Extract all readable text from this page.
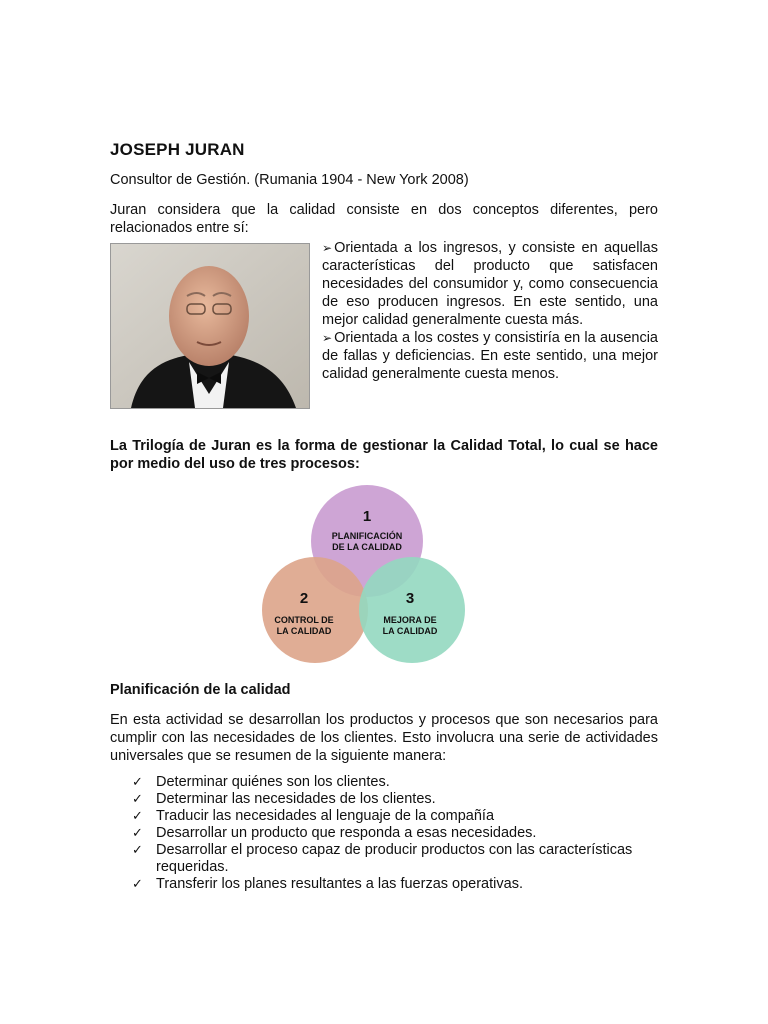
JOSEPH JURAN

Consultor de Gestión. (Rumania 1904 - New York 2008)

Juran considera que la calidad consiste en dos conceptos diferentes, pero relacionados entre sí:

➢ Orientada a los ingresos, y consiste en aquellas características del producto que satisfacen necesidades del consumidor y, como consecuencia de eso producen ingresos. En este sentido, una mejor calidad generalmente cuesta más.

➢ Orientada a los costes y consistiría en la ausencia de fallas y deficiencias. En este sentido, una mejor calidad generalmente cuesta menos.

La Trilogía de Juran es la forma de gestionar la Calidad Total, lo cual se hace por medio del uso de tres procesos:

1
PLANIFICACIÓN
DE LA CALIDAD
2
CONTROL DE
LA CALIDAD
3
MEJORA DE
LA CALIDAD

Planificación de la calidad

En esta actividad se desarrollan los productos y procesos que son necesarios para cumplir con las necesidades de los clientes. Esto involucra una serie de actividades universales que se resumen de la siguiente manera:

✓ Determinar quiénes son los clientes.
✓ Determinar las necesidades de los clientes.
✓ Traducir las necesidades al lenguaje de la compañía
✓ Desarrollar un producto que responda a esas necesidades.
✓ Desarrollar el proceso capaz de producir productos con las características requeridas.
✓ Transferir los planes resultantes a las fuerzas operativas.
